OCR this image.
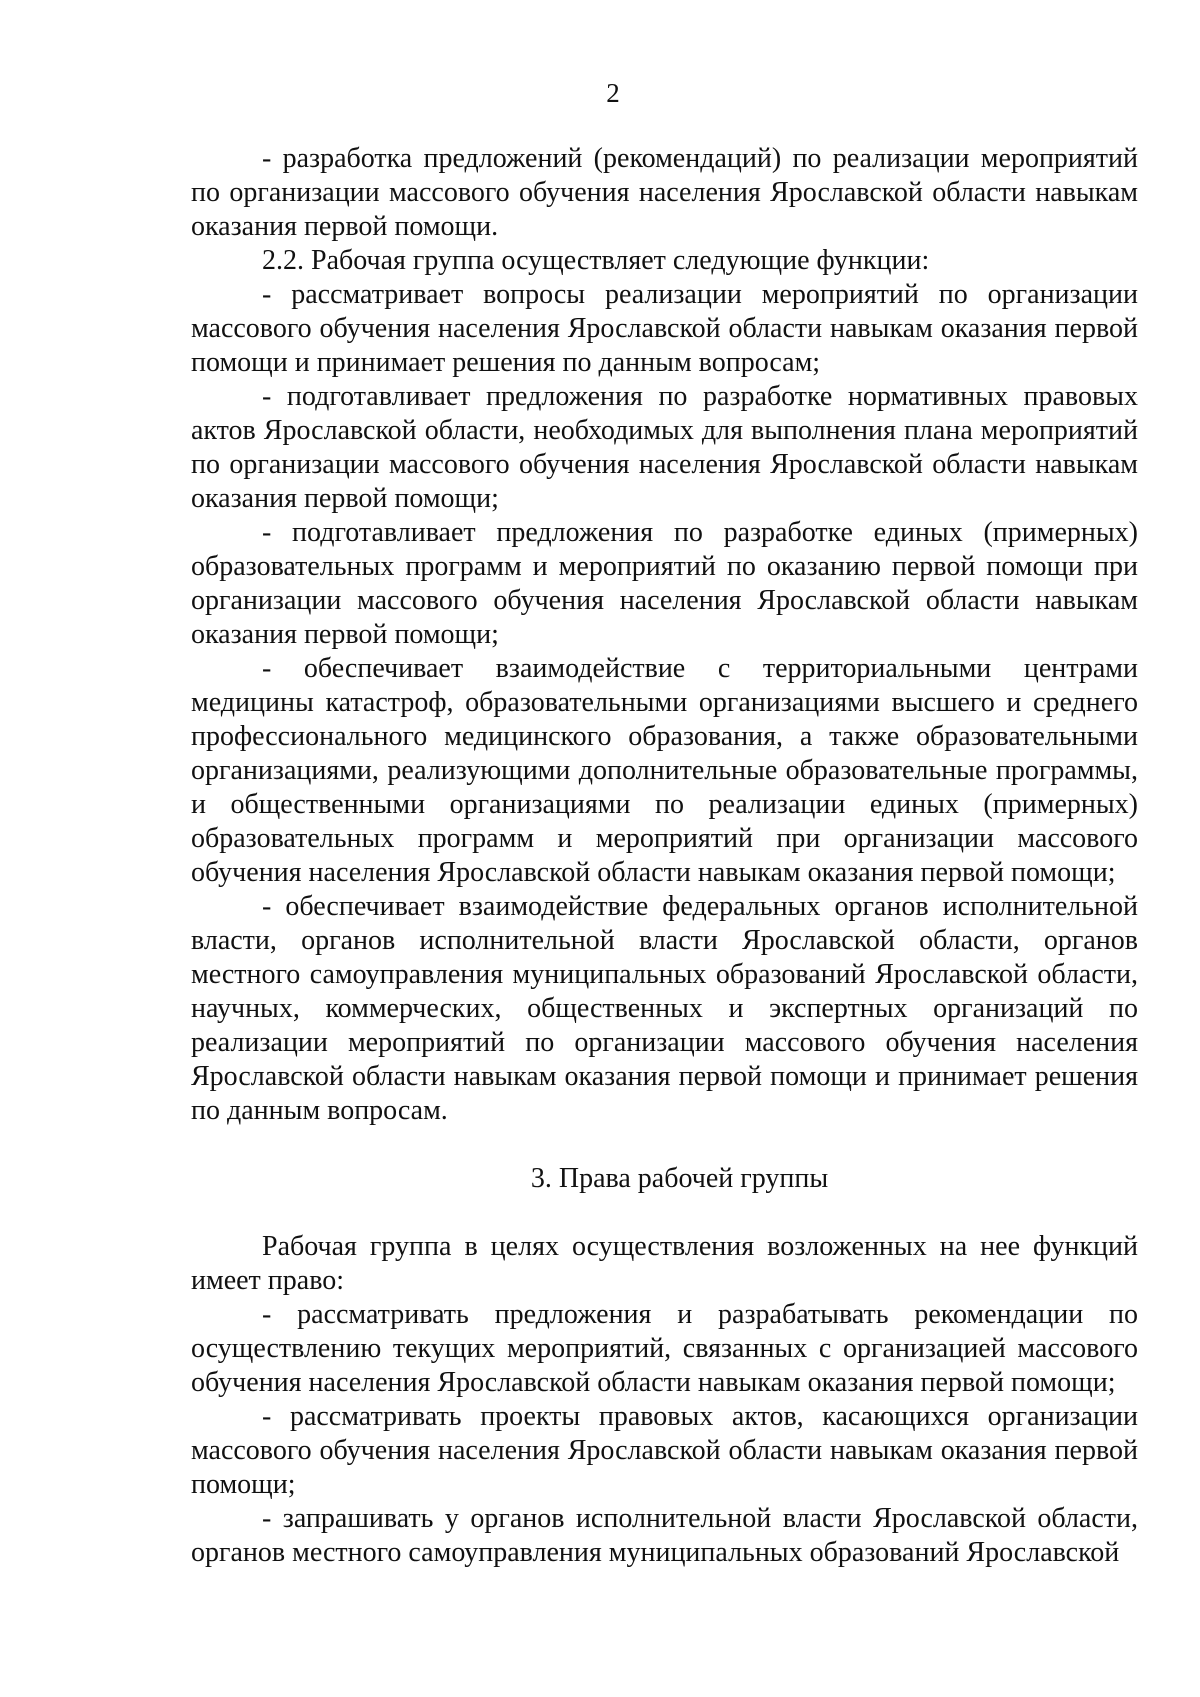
2

- разработка предложений (рекомендаций) по реализации мероприятий по организации массового обучения населения Ярославской области навыкам оказания первой помощи.

2.2. Рабочая группа осуществляет следующие функции:

- рассматривает вопросы реализации мероприятий по организации массового обучения населения Ярославской области навыкам оказания первой помощи и принимает решения по данным вопросам;

- подготавливает предложения по разработке нормативных правовых актов Ярославской области, необходимых для выполнения плана мероприятий по организации массового обучения населения Ярославской области навыкам оказания первой помощи;

- подготавливает предложения по разработке единых (примерных) образовательных программ и мероприятий по оказанию первой помощи при организации массового обучения населения Ярославской области навыкам оказания первой помощи;

- обеспечивает взаимодействие с территориальными центрами медицины катастроф, образовательными организациями высшего и среднего профессионального медицинского образования, а также образовательными организациями, реализующими дополнительные образовательные программы, и общественными организациями по реализации единых (примерных) образовательных программ и мероприятий при организации массового обучения населения Ярославской области навыкам оказания первой помощи;

- обеспечивает взаимодействие федеральных органов исполнительной власти, органов исполнительной власти Ярославской области, органов местного самоуправления муниципальных образований Ярославской области, научных, коммерческих, общественных и экспертных организаций по реализации мероприятий по организации массового обучения населения Ярославской области навыкам оказания первой помощи и принимает решения по данным вопросам.

3. Права рабочей группы

Рабочая группа в целях осуществления возложенных на нее функций имеет право:

- рассматривать предложения и разрабатывать рекомендации по осуществлению текущих мероприятий, связанных с организацией массового обучения населения Ярославской области навыкам оказания первой помощи;

- рассматривать проекты правовых актов, касающихся организации массового обучения населения Ярославской области навыкам оказания первой помощи;

- запрашивать у органов исполнительной власти Ярославской области, органов местного самоуправления муниципальных образований Ярославской
